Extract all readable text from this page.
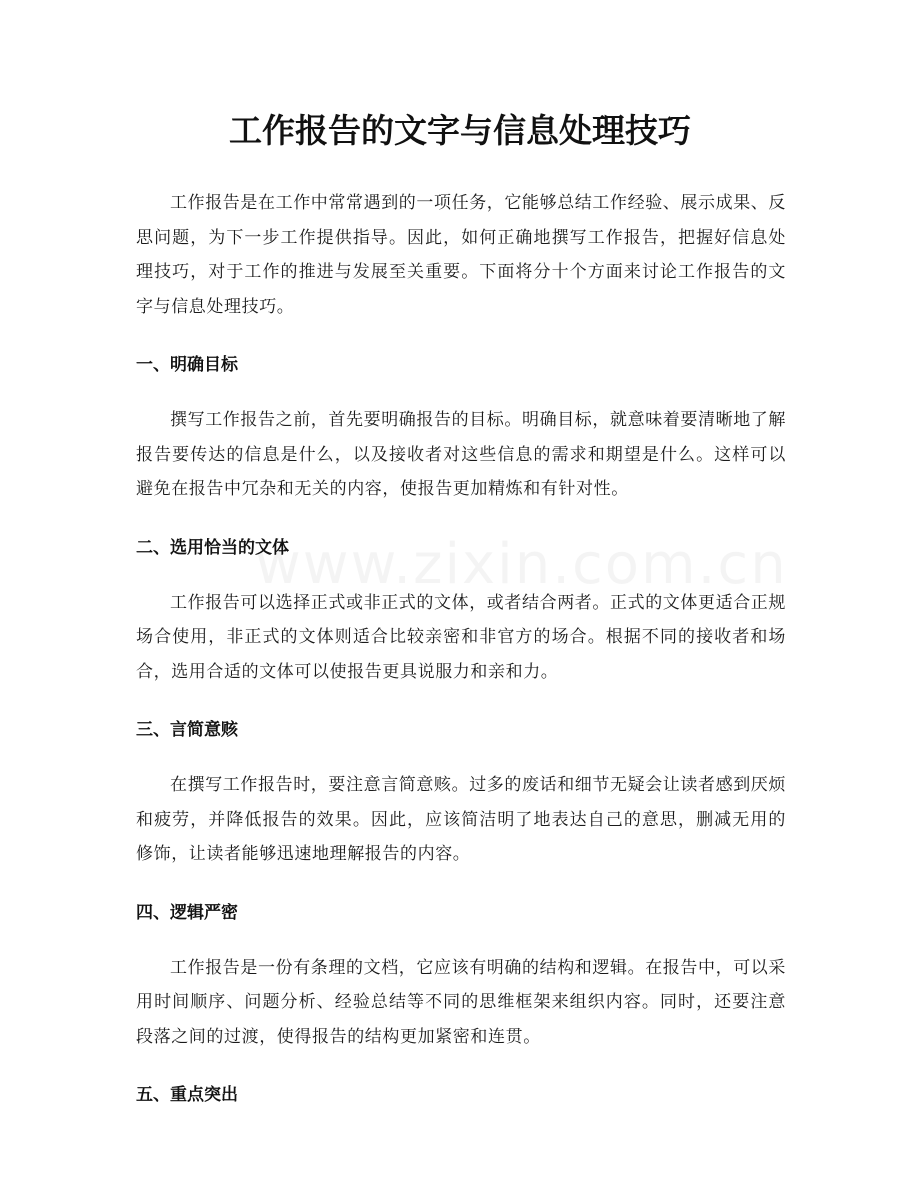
工作报告的文字与信息处理技巧

工作报告是在工作中常常遇到的一项任务，它能够总结工作经验、展示成果、反思问题，为下一步工作提供指导。因此，如何正确地撰写工作报告，把握好信息处理技巧，对于工作的推进与发展至关重要。下面将分十个方面来讨论工作报告的文字与信息处理技巧。

一、明确目标

撰写工作报告之前，首先要明确报告的目标。明确目标，就意味着要清晰地了解报告要传达的信息是什么，以及接收者对这些信息的需求和期望是什么。这样可以避免在报告中冗杂和无关的内容，使报告更加精炼和有针对性。

二、选用恰当的文体

工作报告可以选择正式或非正式的文体，或者结合两者。正式的文体更适合正规场合使用，非正式的文体则适合比较亲密和非官方的场合。根据不同的接收者和场合，选用合适的文体可以使报告更具说服力和亲和力。

三、言简意赅

在撰写工作报告时，要注意言简意赅。过多的废话和细节无疑会让读者感到厌烦和疲劳，并降低报告的效果。因此，应该简洁明了地表达自己的意思，删减无用的修饰，让读者能够迅速地理解报告的内容。

四、逻辑严密

工作报告是一份有条理的文档，它应该有明确的结构和逻辑。在报告中，可以采用时间顺序、问题分析、经验总结等不同的思维框架来组织内容。同时，还要注意段落之间的过渡，使得报告的结构更加紧密和连贯。

五、重点突出
